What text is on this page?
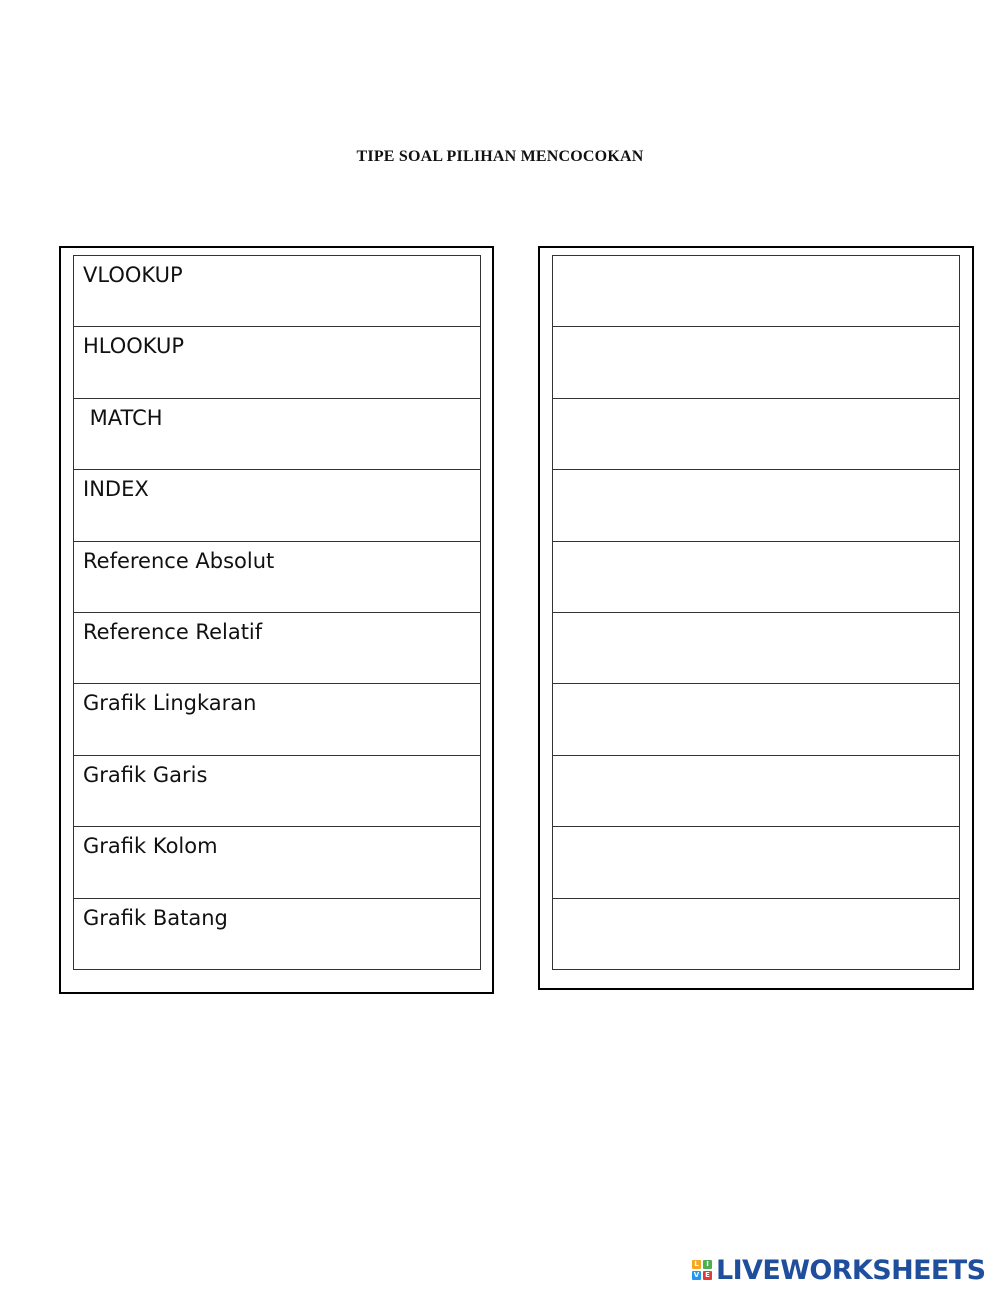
TIPE SOAL PILIHAN MENCOCOKAN
VLOOKUP
HLOOKUP
MATCH
INDEX
Reference Absolut
Reference Relatif
Grafik Lingkaran
Grafik Garis
Grafik Kolom
Grafik Batang
L	I
V E LIVEWORKSHEETS
